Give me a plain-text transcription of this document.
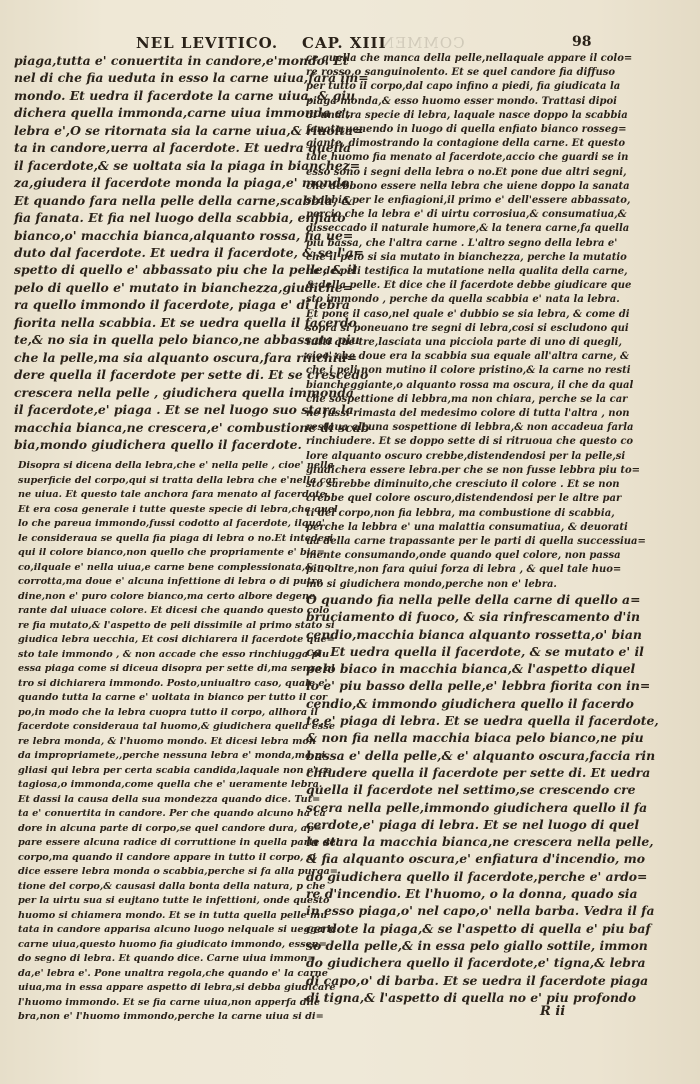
COMMEN
NEL LEVITICO. CAP. XIII	98
piaga,tutta e' conuertita in candore,e'mondo. Et
nel di che fia ueduta in esso la carne uiua,fara im=
mondo. Et uedra il facerdote la carne uiua, & giu
dichera quella immonda,carne uiua immonda e',
lebra e',O se ritornata sia la carne uiua,& riuolta=
ta in candore,uerra al facerdote. Et uedra quella
il facerdote,& se uoltata sia la piaga in bianchez=
za,giudera il facerdote monda la piaga,e' mondo.
Et quando fara nella pelle della carne,scabbia, &
fia fanata. Et fia nel luogo della scabbia, enfiato
bianco,o' macchia bianca,alquanto rossa, fia ue=
duto dal facerdote. Et uedra il facerdote, & se l'a=
spetto di quello e' abbassato piu che la pelle, & il
pelo di quello e' mutato in bianchezza,giudiche=
ra quello immondo il facerdote, piaga e' di lebra
fiorita nella scabbia. Et se uedra quella il facerdo
te,& no sia in quella pelo bianco,ne abbassata piu
che la pelle,ma sia alquanto oscura,fara rinchiu=
dere quella il facerdote per sette di. Et se crescedo
crescera nella pelle , giudichera quella immonda
il facerdote,e' piaga . Et se nel luogo suo stara la
macchia bianca,ne crescera,e' combustione di scab
bia,mondo giudichera quello il facerdote.
Disopra si dicena della lebra,che e' nella pelle , cioe' nella
superficie del corpo,qui si tratta della lebra che e'nella car
ne uiua. Et questo tale anchora fara menato al facerdote.
Et era cosa generale i tutte queste specie di lebra,che quel
lo che pareua immondo,fussi codotto al facerdote, ilqua'
le consideraua se quella fia piaga di lebra o no.Et intedesi
qui il colore bianco,non quello che propriamente e' bia=
co,ilquale e' nella uiua,e carne bene complessionata,& no
corrotta,ma doue e' alcuna infettione di lebra o di putre
dine,non e' puro colore bianco,ma certo albore degene
rante dal uiuace colore. Et dicesi che quando questo colo
re fia mutato,& l'aspetto de peli dissimile al primo stato si
giudica lebra uecchia, Et cosi dichiarera il facerdote que=
sto tale immondo , & non accade che esso rinchiugga piu
essa piaga come si diceua disopra per sette di,ma senza al
tro si dichiarera immondo. Posto,uniualtro caso, quale e'
quando tutta la carne e' uoltata in bianco per tutto il cor
po,in modo che la lebra cuopra tutto il corpo, allhora il
facerdote consideraua tal huomo,& giudichera quella esse
re lebra monda, & l'huomo mondo. Et dicesi lebra mon
da impropriamete,,perche nessuna lebra e' monda,ma pi
gliasi qui lebra per certa scabia candida,laquale non e' co
tagiosa,o immonda,come quella che e' ueramente lebra.
Et dassi la causa della sua mondezza quando dice. Tut=
ta e' conuertita in candore. Per che quando alcuno ha ca
dore in alcuna parte di corpo,se quel candore dura, ap=
pare essere alcuna radice di corruttione in quella parte del
corpo,ma quando il candore appare in tutto il corpo, si
dice essere lebra monda o scabbia,perche si fa alla purga=
tione del corpo,& causasi dalla bonta della natura, p che
per la uirtu sua si eujtano tutte le infettioni, onde questo
huomo si chiamera mondo. Et se in tutta quella pelle mu
tata in candore apparisa alcuno luogo nelquale si uegga la
carne uiua,questo huomo fia giudicato immondo, essen=
do segno di lebra. Et quando dice. Carne uiua immon=
da,e' lebra e'. Pone unaltra regola,che quando e' la carne
uiua,ma in essa appare aspetto di lebra,si debba giudicare
l'huomo immondo. Et se fia carne uiua,non apperfa dile
bra,non e' l'huomo immondo,perche la carne uiua si di=
ce quella che manca della pelle,nellaquale appare il colo=
re rosso,o sanguinolento. Et se quel candore fia diffuso
per tutto il corpo,dal capo infino a piedi, fia giudicata la
piaga monda,& esso huomo esser mondo. Trattasi dipoi
di unaltra specie di lebra, laquale nasce doppo la scabbia
fanata,uenendo in luogo di quella enfiato bianco rosseg=
giante, dimostrando la contagione della carne. Et questo
tale huomo fia menato al facerdote,accio che guardi se in
esso sono i segni della lebra o no.Et pone due altri segni,
che debbono essere nella lebra che uiene doppo la sanata
scabbia per le enfiagioni,il primo e' dell'essere abbassato,
percio che la lebra e' di uirtu corrosiua,& consumatiua,&
disseccado il naturale humore,& la tenera carne,fa quella
piu bassa, che l'altra carne . L'altro segno della lebra e'
che il pelo si sia mutato in bianchezza, perche la mutatio
ne de peli testifica la mutatione nella qualita della carne,
& della pelle. Et dice che il facerdote debbe giudicare que
sto immondo , perche da quella scabbia e' nata la lebra.
Et pone il caso,nel quale e' dubbio se sia lebra, & come di
sopra si poneuano tre segni di lebra,cosi si escludono qui
tutti que tre,lasciata una picciola parte di uno di quegli,
cioe' che doue era la scabbia sua equale all'altra carne, &
che i peli non mutino il colore pristino,& la carne no resti
biancheggiante,o alquanto rossa ma oscura, il che da qual
che sospettione di lebbra,ma non chiara, perche se la car
ne fussi rimasta del medesimo colore di tutta l'altra , non
restaua alcuna sospettione di lebbra,& non accadeua farla
rinchiudere. Et se doppo sette di si ritruoua che questo co
lore alquanto oscuro crebbe,distendendosi per la pelle,si
giudichera essere lebra.per che se non fusse lebbra piu to=
sto sarebbe diminuito,che cresciuto il colore . Et se non
crebbe quel colore oscuro,distendendosi per le altre par
ti del corpo,non fia lebbra, ma combustione di scabbia,
perche la lebbra e' una malattia consumatiua, & deuorati
ua della carne trapassante per le parti di quella successiua=
mente consumando,onde quando quel colore, non passa
piu oltre,non fara quiui forza di lebra , & quel tale huo=
mo si giudichera mondo,perche non e' lebra.
O quando fia nella pelle della carne di quello a=
bruciamento di fuoco, & sia rinfrescamento d'in
cendio,macchia bianca alquanto rossetta,o' bian
ca. Et uedra quella il facerdote, & se mutato e' il
pelo biaco in macchia bianca,& l'aspetto diquel
lo e' piu basso della pelle,e' lebbra fiorita con in=
cendio,& immondo giudichera quello il facerdo
te,e' piaga di lebra. Et se uedra quella il facerdote,
& non fia nella macchia biaca pelo bianco,ne piu
bassa e' della pelle,& e' alquanto oscura,faccia rin
chiudere quella il facerdote per sette di. Et uedra
quella il facerdote nel settimo,se crescendo cre
scera nella pelle,immondo giudichera quello il fa
cerdote,e' piaga di lebra. Et se nel luogo di quel
la stara la macchia bianca,ne crescera nella pelle,
& fia alquanto oscura,e' enfiatura d'incendio, mo
do giudichera quello il facerdote,perche e' ardo=
re d'incendio. Et l'huomo, o la donna, quado sia
in esso piaga,o' nel capo,o' nella barba. Vedra il fa
cerdote la piaga,& se l'aspetto di quella e' piu baf
so della pelle,& in essa pelo giallo sottile, immon
do giudichera quello il facerdote,e' tigna,& lebra
di capo,o' di barba. Et se uedra il facerdote piaga
di tigna,& l'aspetto di quella no e' piu profondo
R ii
